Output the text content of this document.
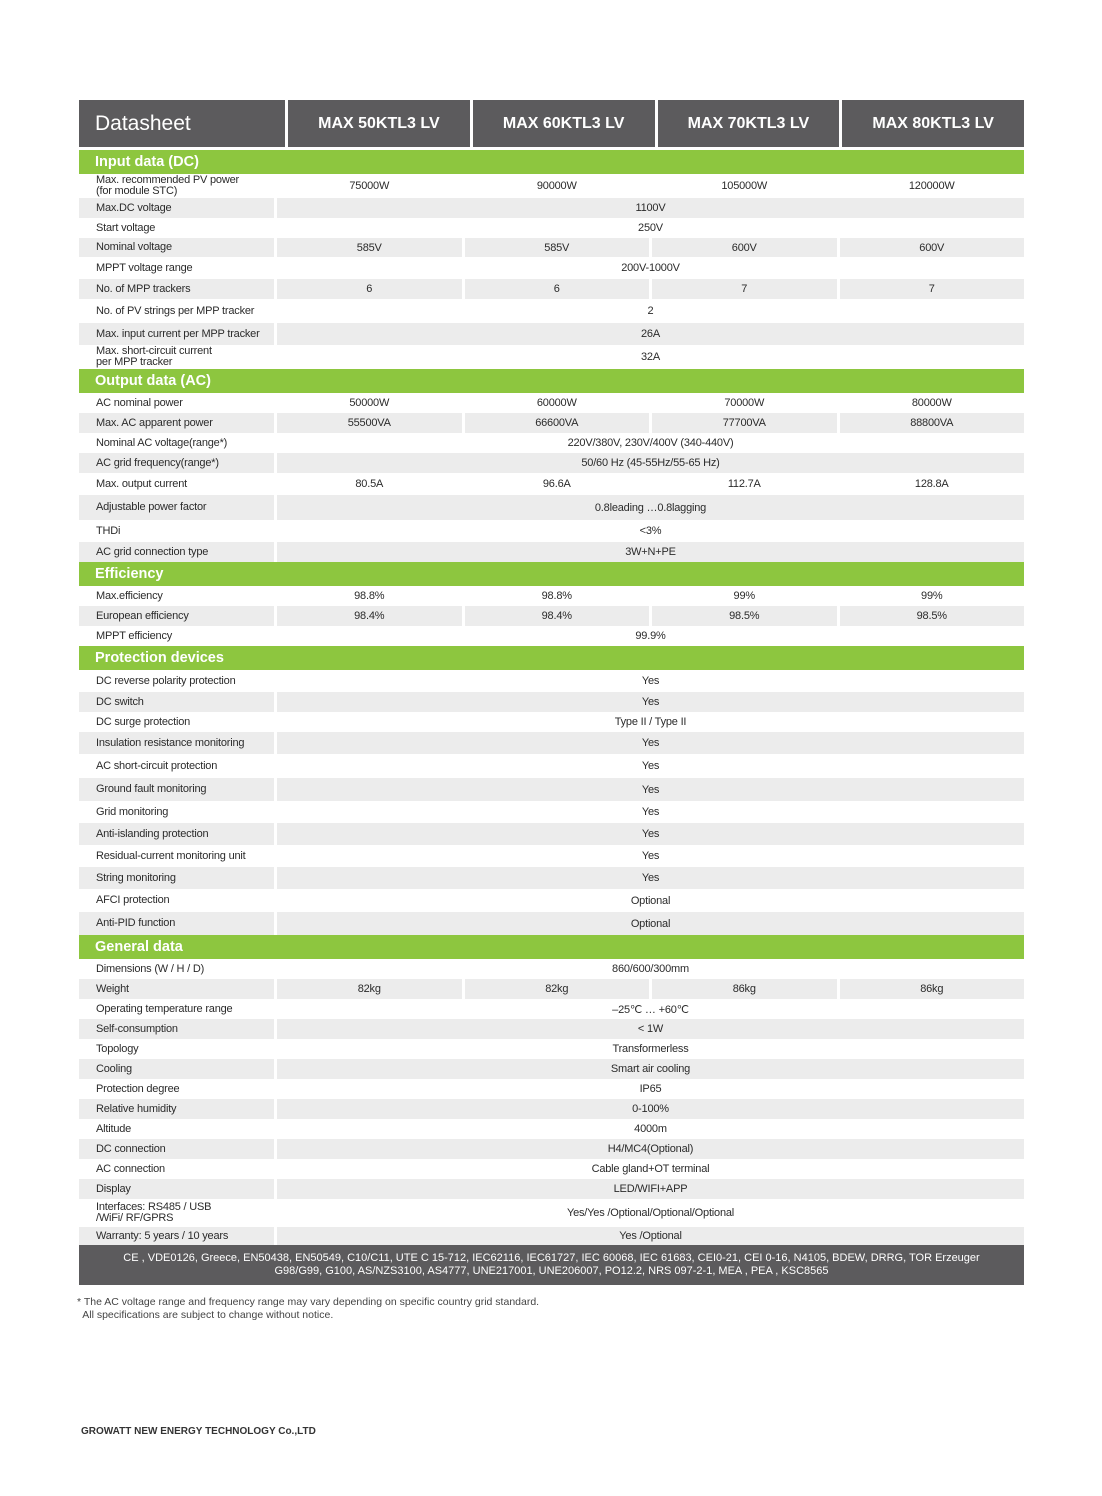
Datasheet	MAX 50KTL3 LV	MAX 60KTL3 LV	MAX 70KTL3 LV	MAX 80KTL3 LV
Input data (DC)
Max. recommended PV power
(for module STC)	75000W	90000W	105000W	120000W
Max.DC voltage	1100V
Start voltage	250V
Nominal voltage	585V	585V	600V	600V
MPPT voltage range	200V-1000V
No. of MPP trackers	6	6	7	7
No. of PV strings per MPP tracker	2
Max. input current per MPP tracker	26A
Max. short-circuit current
per MPP tracker	32A
Output data (AC)
AC nominal power	50000W	60000W	70000W	80000W
Max. AC apparent power	55500VA	66600VA	77700VA	88800VA
Nominal AC voltage(range*)	220V/380V, 230V/400V (340-440V)
AC grid frequency(range*)	50/60 Hz (45-55Hz/55-65 Hz)
Max. output current	80.5A	96.6A	112.7A	128.8A
Adjustable power factor	0.8leading …0.8lagging
THDi	<3%
AC grid connection type	3W+N+PE
Efficiency
Max.efficiency	98.8%	98.8%	99%	99%
European efficiency	98.4%	98.4%	98.5%	98.5%
MPPT efficiency	99.9%
Protection devices
DC reverse polarity protection	Yes
DC switch	Yes
DC surge protection	Type II / Type II
Insulation resistance monitoring	Yes
AC short-circuit protection	Yes
Ground fault monitoring	Yes
Grid monitoring	Yes
Anti-islanding protection	Yes
Residual-current monitoring unit	Yes
String monitoring	Yes
AFCI protection	Optional
Anti-PID function	Optional
General data
Dimensions (W / H / D)	860/600/300mm
Weight	82kg	82kg	86kg	86kg
Operating temperature range	–25℃ … +60℃
Self-consumption	< 1W
Topology	Transformerless
Cooling	Smart air cooling
Protection degree	IP65
Relative humidity	0-100%
Altitude	4000m
DC connection	H4/MC4(Optional)
AC connection	Cable gland+OT terminal
Display	LED/WIFI+APP
Interfaces: RS485 / USB
/WiFi/ RF/GPRS	Yes/Yes /Optional/Optional/Optional
Warranty: 5 years / 10 years	Yes /Optional
CE , VDE0126, Greece, EN50438, EN50549, C10/C11, UTE C 15-712, IEC62116, IEC61727, IEC 60068, IEC 61683, CEI0-21, CEI 0-16, N4105, BDEW, DRRG, TOR Erzeuger
G98/G99, G100, AS/NZS3100, AS4777, UNE217001, UNE206007, PO12.2, NRS 097-2-1, MEA , PEA , KSC8565
* The AC voltage range and frequency range may vary depending on specific country grid standard.
All specifications are subject to change without notice.
GROWATT NEW ENERGY TECHNOLOGY Co.,LTD
